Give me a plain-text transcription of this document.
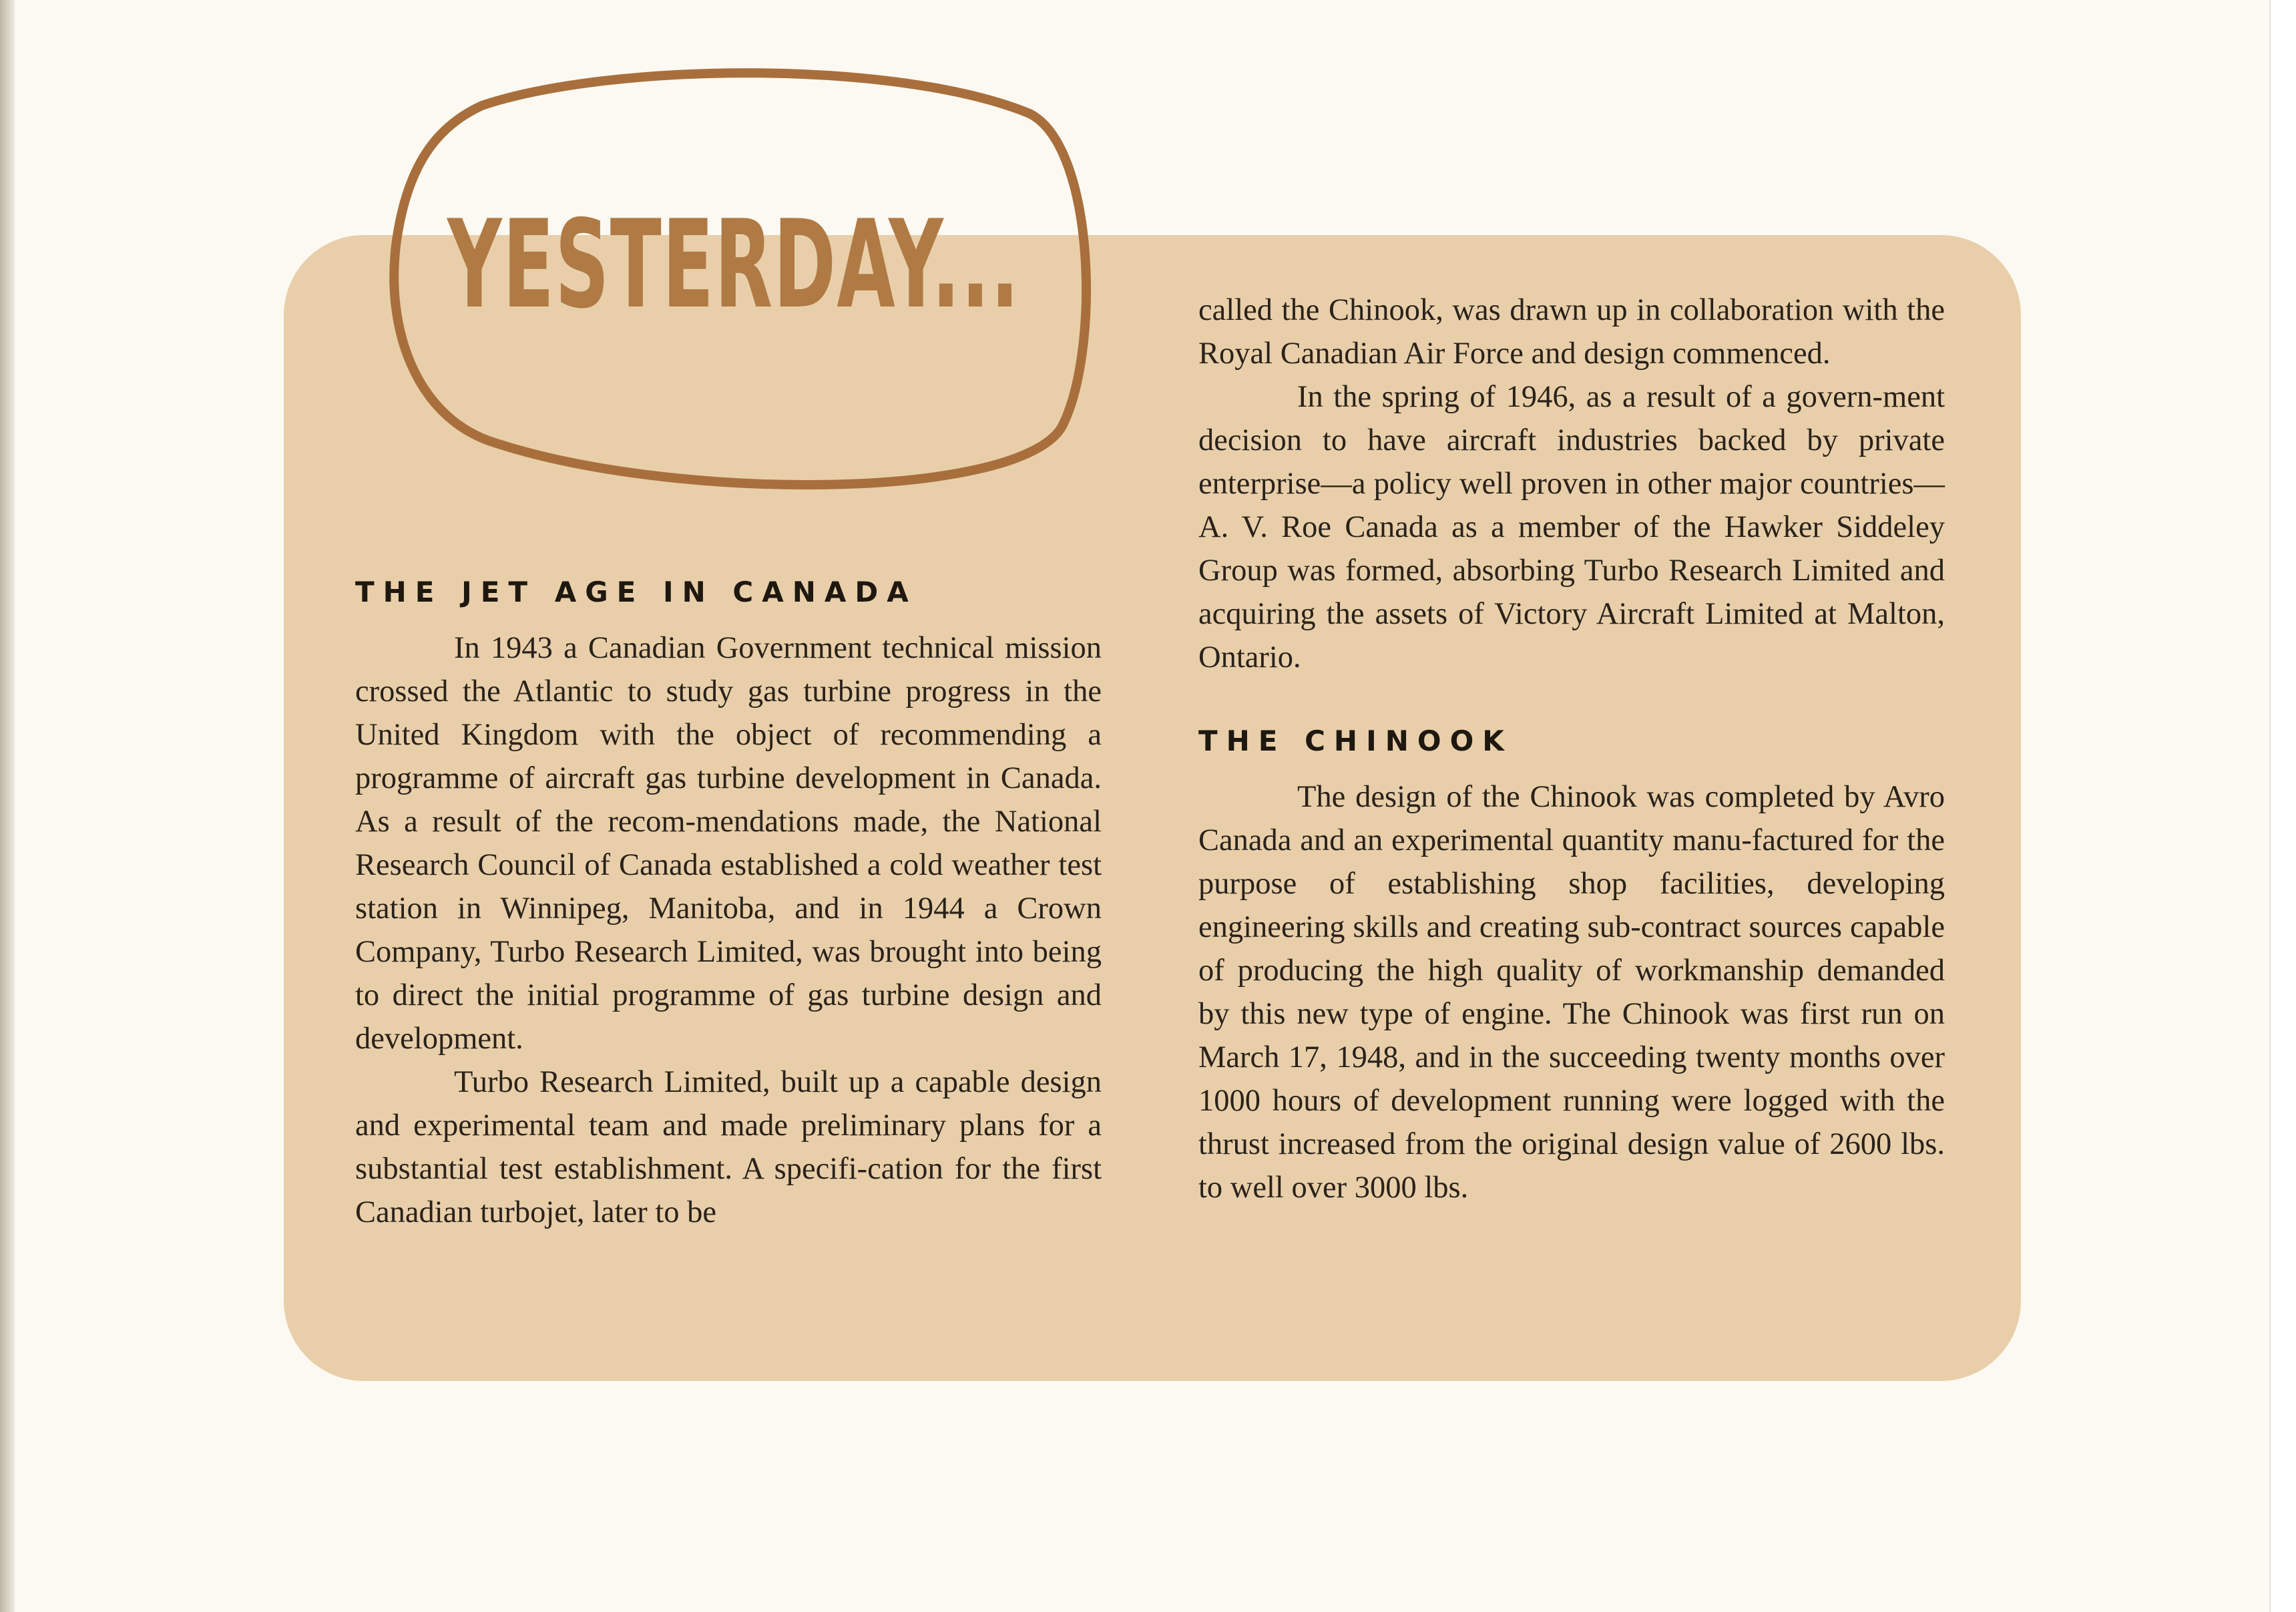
YESTERDAY...
THE JET AGE IN CANADA

In 1943 a Canadian Government technical mission crossed the Atlantic to study gas turbine progress in the United Kingdom with the object of recommending a programme of aircraft gas turbine development in Canada. As a result of the recom-mendations made, the National Research Council of Canada established a cold weather test station in Winnipeg, Manitoba, and in 1944 a Crown Company, Turbo Research Limited, was brought into being to direct the initial programme of gas turbine design and development.

Turbo Research Limited, built up a capable design and experimental team and made preliminary plans for a substantial test establishment. A specifi-cation for the first Canadian turbojet, later to be

called the Chinook, was drawn up in collaboration with the Royal Canadian Air Force and design commenced.

In the spring of 1946, as a result of a govern-ment decision to have aircraft industries backed by private enterprise—a policy well proven in other major countries—A. V. Roe Canada as a member of the Hawker Siddeley Group was formed, absorbing Turbo Research Limited and acquiring the assets of Victory Aircraft Limited at Malton, Ontario.

THE CHINOOK

The design of the Chinook was completed by Avro Canada and an experimental quantity manu-factured for the purpose of establishing shop facilities, developing engineering skills and creating sub-contract sources capable of producing the high quality of workmanship demanded by this new type of engine. The Chinook was first run on March 17, 1948, and in the succeeding twenty months over 1000 hours of development running were logged with the thrust increased from the original design value of 2600 lbs. to well over 3000 lbs.
